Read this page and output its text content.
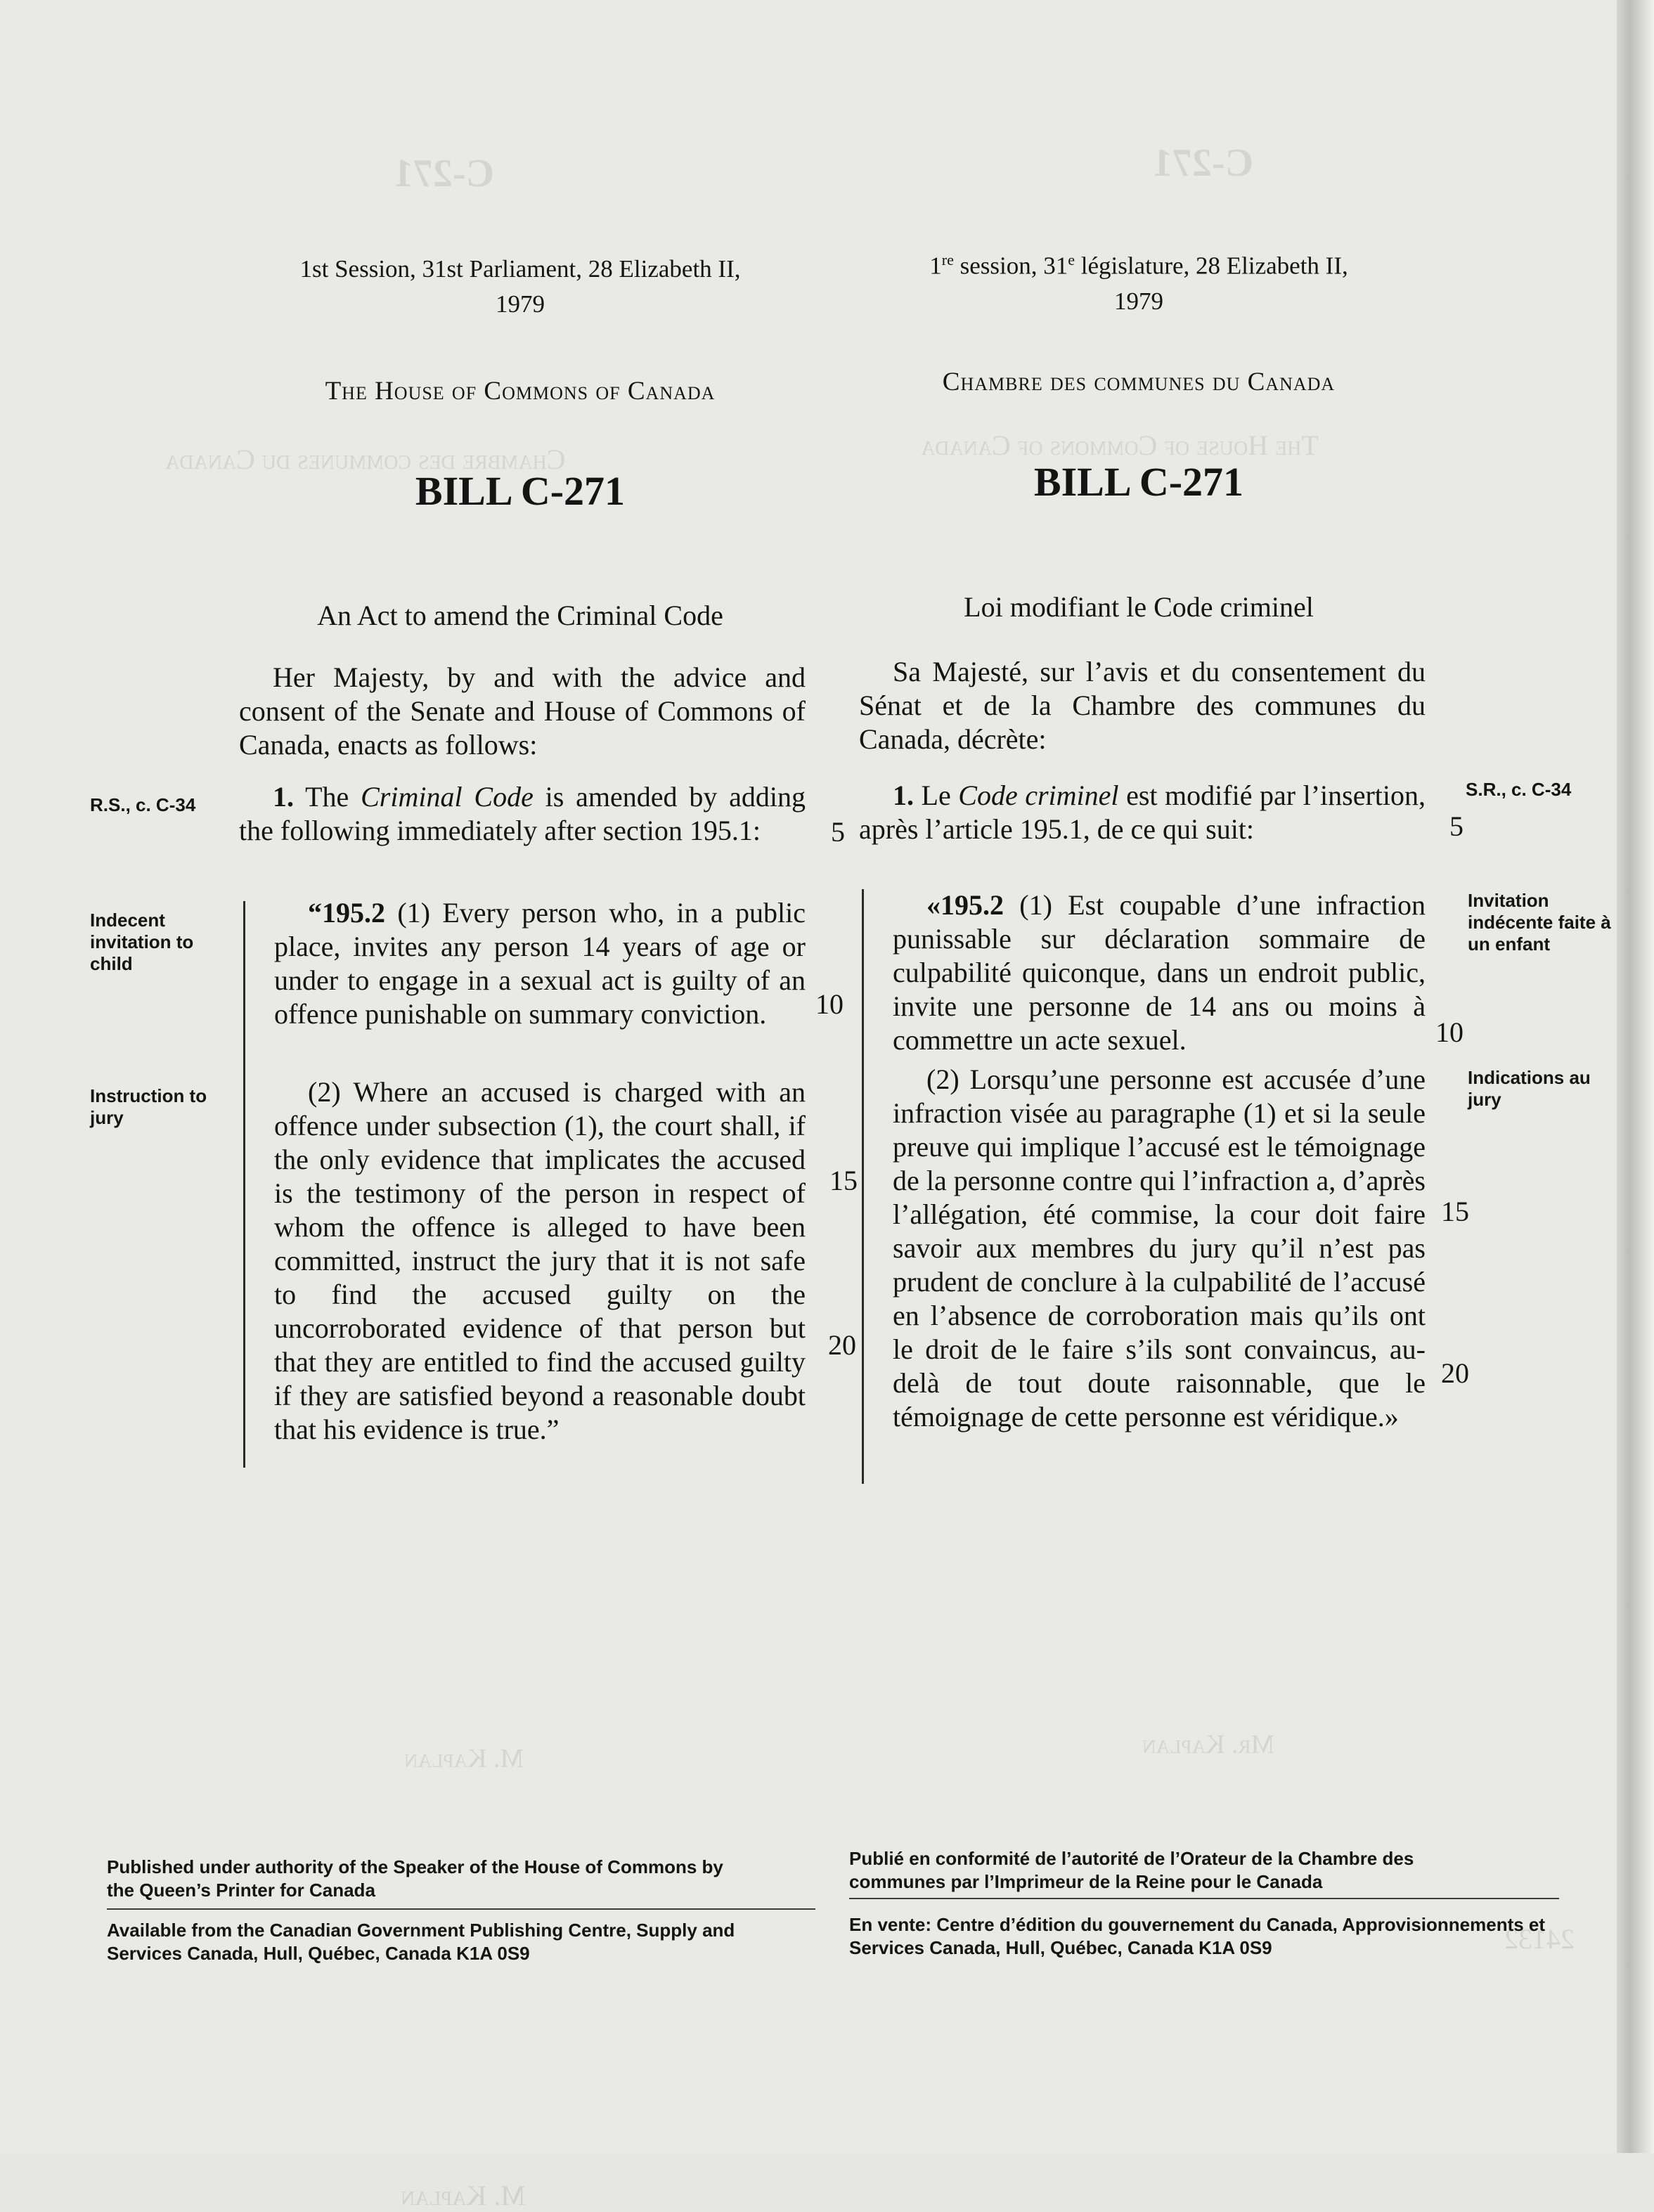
C-271	C-271
Chambre des communes du Canada	The House of Commons of Canada
24132
M. Kaplan
1st Session, 31st Parliament, 28 Elizabeth II,
1979
The House of Commons of Canada
BILL C-271
An Act to amend the Criminal Code

Her Majesty, by and with the advice and consent of the Senate and House of Commons of Canada, enacts as follows:

R.S., c. C-34	1. The Criminal Code is amended by adding the following immediately after section 195.1:	5
Indecent invitation to child

“195.2 (1) Every person who, in a public place, invites any person 14 years of age or under to engage in a sexual act is guilty of an offence punishable on summary conviction.	10
Instruction to jury

(2) Where an accused is charged with an offence under subsection (1), the court shall, if the only evidence that implicates the accused is the testimony of the person in respect of whom the offence is alleged to have been committed, instruct the jury that it is not safe to find the accused guilty on the uncorroborated evidence of that person but that they are entitled to find the accused guilty if they are satisfied beyond a reasonable doubt that his evidence is true.”

15
20
1re session, 31e législature, 28 Elizabeth II,
1979
Chambre des communes du Canada
BILL C-271
Loi modifiant le Code criminel

Sa Majesté, sur l’avis et du consentement du Sénat et de la Chambre des communes du Canada, décrète:

1. Le Code criminel est modifié par l’insertion, après l’article 195.1, de ce qui suit:

S.R., c. C-34
5

«195.2 (1) Est coupable d’une infraction punissable sur déclaration sommaire de culpabilité quiconque, dans un endroit public, invite une personne de 14 ans ou moins à commettre un acte sexuel.

Invitation indécente faite à un enfant
10

(2) Lorsqu’une personne est accusée d’une infraction visée au paragraphe (1) et si la seule preuve qui implique l’accusé est le témoignage de la personne contre qui l’infraction a, d’après l’allégation, été commise, la cour doit faire savoir aux membres du jury qu’il n’est pas prudent de conclure à la culpabilité de l’accusé en l’absence de corroboration mais qu’ils ont le droit de le faire s’ils sont convaincus, au-delà de tout doute raisonnable, que le témoignage de cette personne est véridique.»

Indications au jury
15
20
M. Kaplan	Mr. Kaplan
Published under authority of the Speaker of the House of Commons by the Queen’s Printer for Canada
Available from the Canadian Government Publishing Centre, Supply and Services Canada, Hull, Québec, Canada K1A 0S9
Publié en conformité de l’autorité de l’Orateur de la Chambre des communes par l’Imprimeur de la Reine pour le Canada
En vente: Centre d’édition du gouvernement du Canada, Approvisionnements et Services Canada, Hull, Québec, Canada K1A 0S9
